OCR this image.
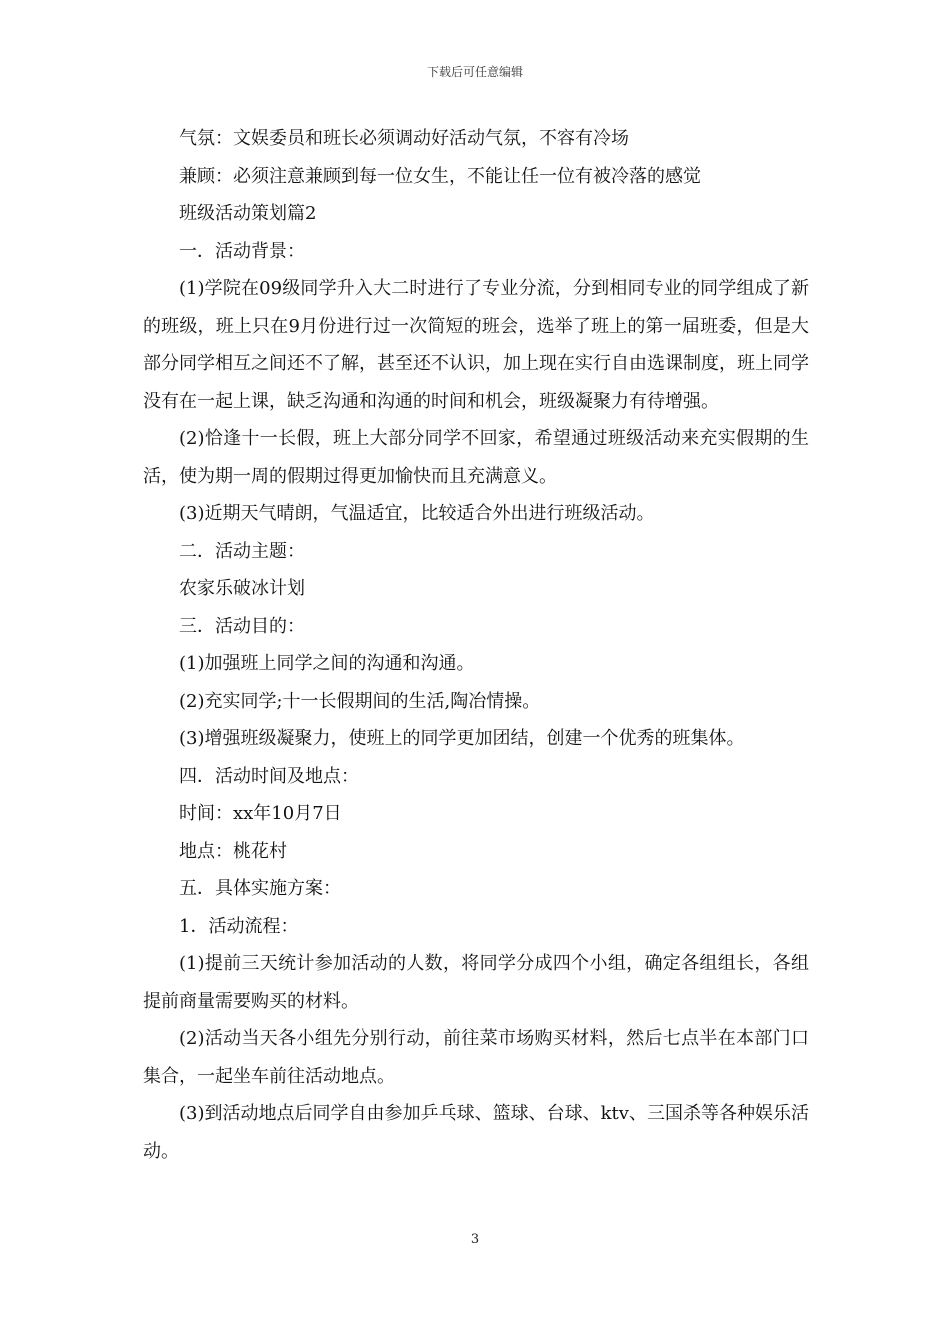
下载后可任意编辑

气氛：文娱委员和班长必须调动好活动气氛，不容有冷场

兼顾：必须注意兼顾到每一位女生，不能让任一位有被冷落的感觉

班级活动策划篇2

一．活动背景：

(1)学院在09级同学升入大二时进行了专业分流，分到相同专业的同学组成了新的班级，班上只在9月份进行过一次简短的班会，选举了班上的第一届班委，但是大部分同学相互之间还不了解，甚至还不认识，加上现在实行自由选课制度，班上同学没有在一起上课，缺乏沟通和沟通的时间和机会，班级凝聚力有待增强。

(2)恰逢十一长假，班上大部分同学不回家，希望通过班级活动来充实假期的生活，使为期一周的假期过得更加愉快而且充满意义。

(3)近期天气晴朗，气温适宜，比较适合外出进行班级活动。

二．活动主题：

农家乐破冰计划

三．活动目的：

(1)加强班上同学之间的沟通和沟通。

(2)充实同学;十一长假期间的生活,陶冶情操。

(3)增强班级凝聚力，使班上的同学更加团结，创建一个优秀的班集体。

四．活动时间及地点：

时间：xx年10月7日

地点：桃花村

五．具体实施方案：

1．活动流程：

(1)提前三天统计参加活动的人数，将同学分成四个小组，确定各组组长，各组提前商量需要购买的材料。

(2)活动当天各小组先分别行动，前往菜市场购买材料，然后七点半在本部门口集合，一起坐车前往活动地点。

(3)到活动地点后同学自由参加乒乓球、篮球、台球、ktv、三国杀等各种娱乐活动。

3
